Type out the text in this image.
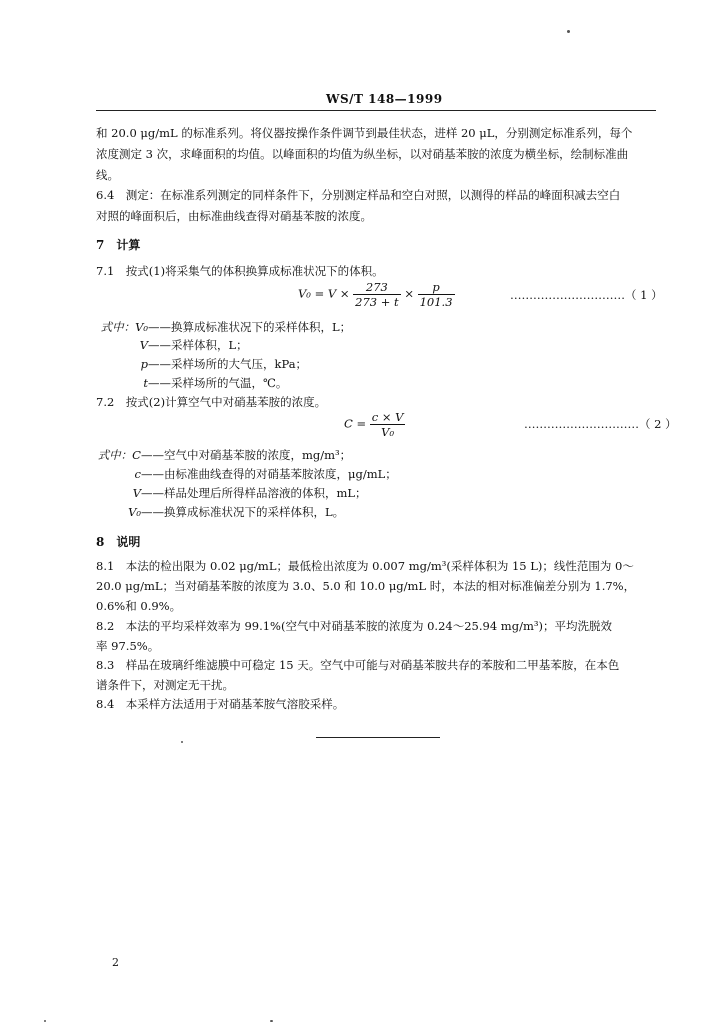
WS/T 148—1999
和 20.0 μg/mL 的标准系列。将仪器按操作条件调节到最佳状态，进样 20 μL，分别测定标准系列，每个
浓度测定 3 次，求峰面积的均值。以峰面积的均值为纵坐标，以对硝基苯胺的浓度为横坐标，绘制标准曲
线。
6.4　测定：在标准系列测定的同样条件下，分别测定样品和空白对照，以测得的样品的峰面积减去空白
对照的峰面积后，由标准曲线查得对硝基苯胺的浓度。
7　计算
7.1　按式(1)将采集气的体积换算成标准状况下的体积。
$V_0 = V \times \frac{273}{273 + t} \times \frac{p}{101.3}$	…………………………（ 1 ）
式中：V₀——换算成标准状况下的采样体积，L；
V——采样体积，L；
p——采样场所的大气压，kPa；
t——采样场所的气温，℃。
7.2　按式(2)计算空气中对硝基苯胺的浓度。
$C = \frac{c \times V}{\text{V₀}}$	…………………………（ 2 ）
式中：C——空气中对硝基苯胺的浓度，mg/m³；
c——由标准曲线查得的对硝基苯胺浓度，μg/mL；
V——样品处理后所得样品溶液的体积，mL；
V₀——换算成标准状况下的采样体积，L。
8　说明
8.1　本法的检出限为 0.02 μg/mL；最低检出浓度为 0.007 mg/m³(采样体积为 15 L)；线性范围为 0～
20.0 μg/mL；当对硝基苯胺的浓度为 3.0、5.0 和 10.0 μg/mL 时，本法的相对标准偏差分别为 1.7%，
0.6%和 0.9%。
8.2　本法的平均采样效率为 99.1%(空气中对硝基苯胺的浓度为 0.24～25.94 mg/m³)；平均洗脱效
率 97.5%。
8.3　样品在玻璃纤维滤膜中可稳定 15 天。空气中可能与对硝基苯胺共存的苯胺和二甲基苯胺，在本色
谱条件下，对测定无干扰。
8.4　本采样方法适用于对硝基苯胺气溶胶采样。
2
